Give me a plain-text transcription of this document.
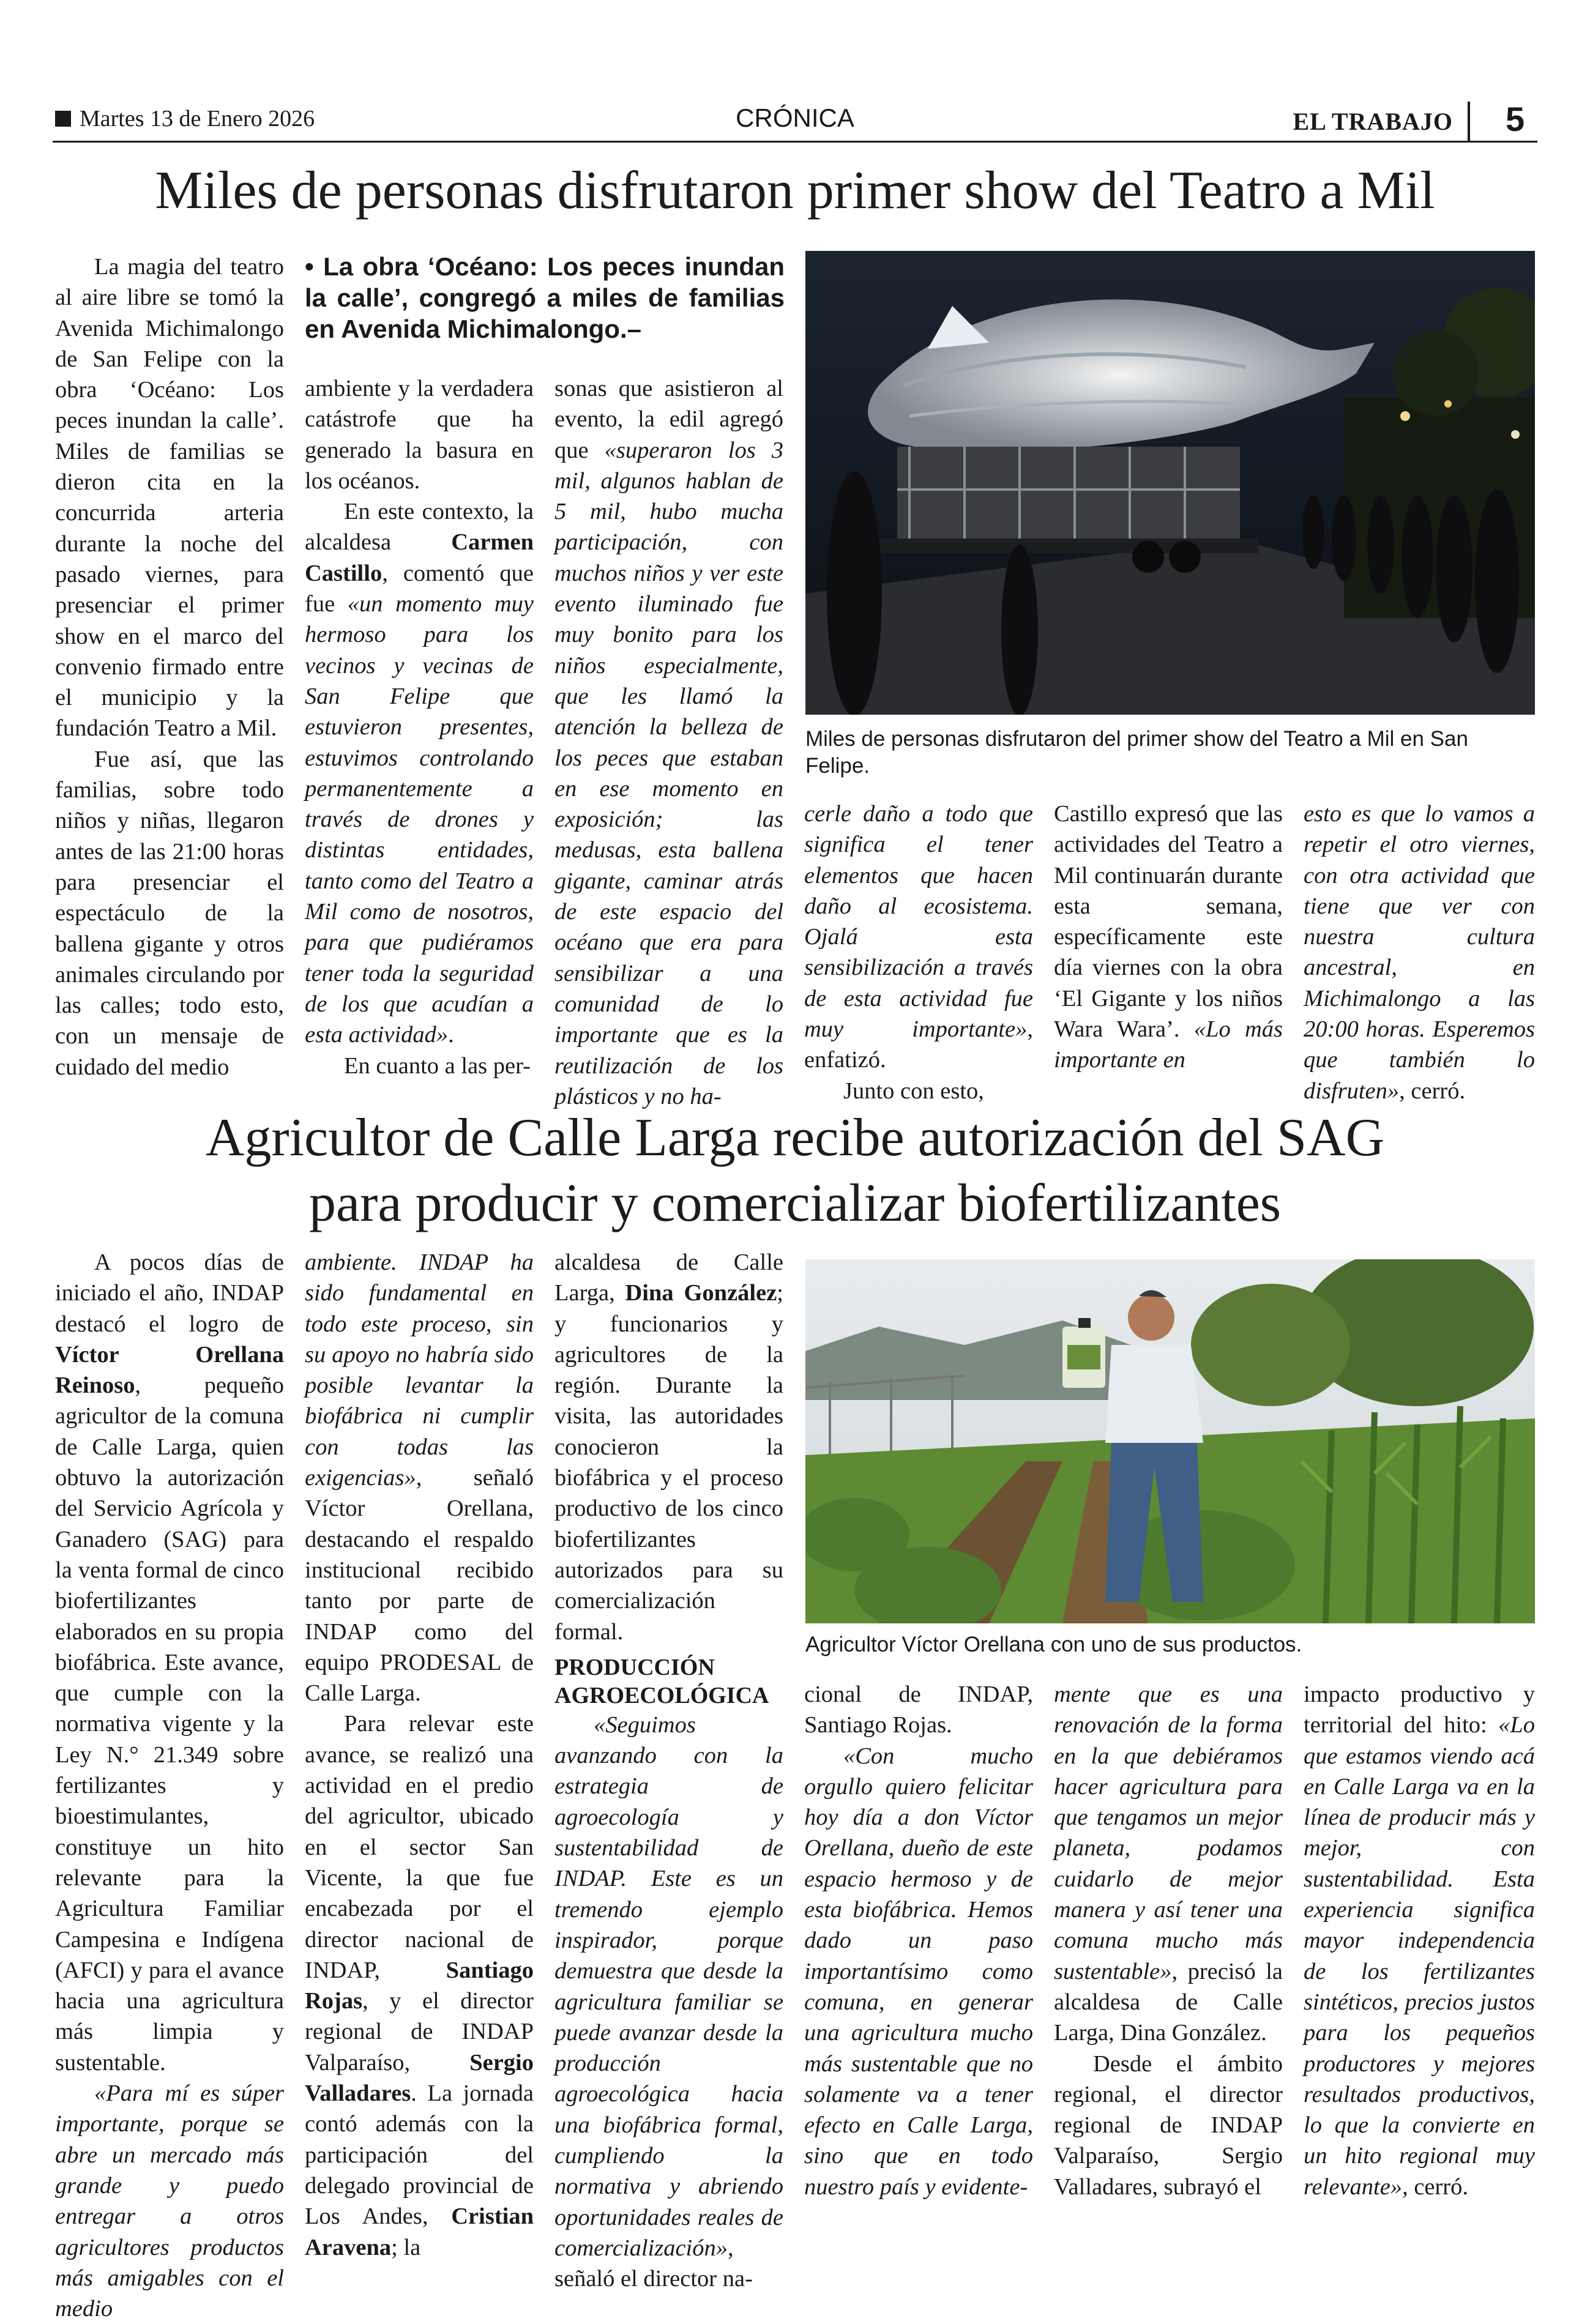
Martes 13 de Enero 2026	CRÓNICA	EL TRABAJO 5
Miles de personas disfrutaron primer show del Teatro a Mil

La magia del teatro al aire libre se tomó la Avenida Michimalongo de San Felipe con la obra ‘Océano: Los peces inundan la calle’. Miles de familias se dieron cita en la concurrida arteria durante la noche del pasado viernes, para presenciar el primer show en el marco del convenio firmado entre el municipio y la fundación Teatro a Mil.

Fue así, que las familias, sobre todo niños y niñas, llegaron antes de las 21:00 horas para presenciar el espectáculo de la ballena gigante y otros animales circulando por las calles; todo esto, con un mensaje de cuidado del medio

• La obra ‘Océano: Los peces inundan la calle’, congregó a miles de familias en Avenida Michimalongo.–

ambiente y la verdadera catástrofe que ha generado la basura en los océanos.

En este contexto, la alcaldesa Carmen Castillo, comentó que fue «un momento muy hermoso para los vecinos y vecinas de San Felipe que estuvieron presentes, estuvimos controlando permanentemente a través de drones y distintas entidades, tanto como del Teatro a Mil como de nosotros, para que pudiéramos tener toda la seguridad de los que acudían a esta actividad».

En cuanto a las per-

sonas que asistieron al evento, la edil agregó que «superaron los 3 mil, algunos hablan de 5 mil, hubo mucha participación, con muchos niños y ver este evento iluminado fue muy bonito para los niños especialmente, que les llamó la atención la belleza de los peces que estaban en ese momento en exposición; las medusas, esta ballena gigante, caminar atrás de este espacio del océano que era para sensibilizar a una comunidad de lo importante que es la reutilización de los plásticos y no ha-

Miles de personas disfrutaron del primer show del Teatro a Mil en San Felipe.

cerle daño a todo que significa el tener elementos que hacen daño al ecosistema. Ojalá esta sensibilización a través de esta actividad fue muy importante», enfatizó.

Junto con esto,

Castillo expresó que las actividades del Teatro a Mil continuarán durante esta semana, específicamente este día viernes con la obra ‘El Gigante y los niños Wara Wara’. «Lo más importante en

esto es que lo vamos a repetir el otro viernes, con otra actividad que tiene que ver con nuestra cultura ancestral, en Michimalongo a las 20:00 horas. Esperemos que también lo disfruten», cerró.

Agricultor de Calle Larga recibe autorización del SAG
para producir y comercializar biofertilizantes

A pocos días de iniciado el año, INDAP destacó el logro de Víctor Orellana Reinoso, pequeño agricultor de la comuna de Calle Larga, quien obtuvo la autorización del Servicio Agrícola y Ganadero (SAG) para la venta formal de cinco biofertilizantes elaborados en su propia biofábrica. Este avance, que cumple con la normativa vigente y la Ley N.° 21.349 sobre fertilizantes y bioestimulantes, constituye un hito relevante para la Agricultura Familiar Campesina e Indígena (AFCI) y para el avance hacia una agricultura más limpia y sustentable.

«Para mí es súper importante, porque se abre un mercado más grande y puedo entregar a otros agricultores productos más amigables con el medio

ambiente. INDAP ha sido fundamental en todo este proceso, sin su apoyo no habría sido posible levantar la biofábrica ni cumplir con todas las exigencias», señaló Víctor Orellana, destacando el respaldo institucional recibido tanto por parte de INDAP como del equipo PRODESAL de Calle Larga.

Para relevar este avance, se realizó una actividad en el predio del agricultor, ubicado en el sector San Vicente, la que fue encabezada por el director nacional de INDAP, Santiago Rojas, y el director regional de INDAP Valparaíso, Sergio Valladares. La jornada contó además con la participación del delegado provincial de Los Andes, Cristian Aravena; la

alcaldesa de Calle Larga, Dina González; y funcionarios y agricultores de la región. Durante la visita, las autoridades conocieron la biofábrica y el proceso productivo de los cinco biofertilizantes autorizados para su comercialización formal.

PRODUCCIÓN
AGROECOLÓGICA

«Seguimos avanzando con la estrategia de agroecología y sustentabilidad de INDAP. Este es un tremendo ejemplo inspirador, porque demuestra que desde la agricultura familiar se puede avanzar desde la producción agroecológica hacia una biofábrica formal, cumpliendo la normativa y abriendo oportunidades reales de comercialización», señaló el director na-

Agricultor Víctor Orellana con uno de sus productos.

cional de INDAP, Santiago Rojas.

«Con mucho orgullo quiero felicitar hoy día a don Víctor Orellana, dueño de este espacio hermoso y de esta biofábrica. Hemos dado un paso importantísimo como comuna, en generar una agricultura mucho más sustentable que no solamente va a tener efecto en Calle Larga, sino que en todo nuestro país y evidente-

mente que es una renovación de la forma en la que debiéramos hacer agricultura para que tengamos un mejor planeta, podamos cuidarlo de mejor manera y así tener una comuna mucho más sustentable», precisó la alcaldesa de Calle Larga, Dina González.

Desde el ámbito regional, el director regional de INDAP Valparaíso, Sergio Valladares, subrayó el

impacto productivo y territorial del hito: «Lo que estamos viendo acá en Calle Larga va en la línea de producir más y mejor, con sustentabilidad. Esta experiencia significa mayor independencia de los fertilizantes sintéticos, precios justos para los pequeños productores y mejores resultados productivos, lo que la convierte en un hito regional muy relevante», cerró.
